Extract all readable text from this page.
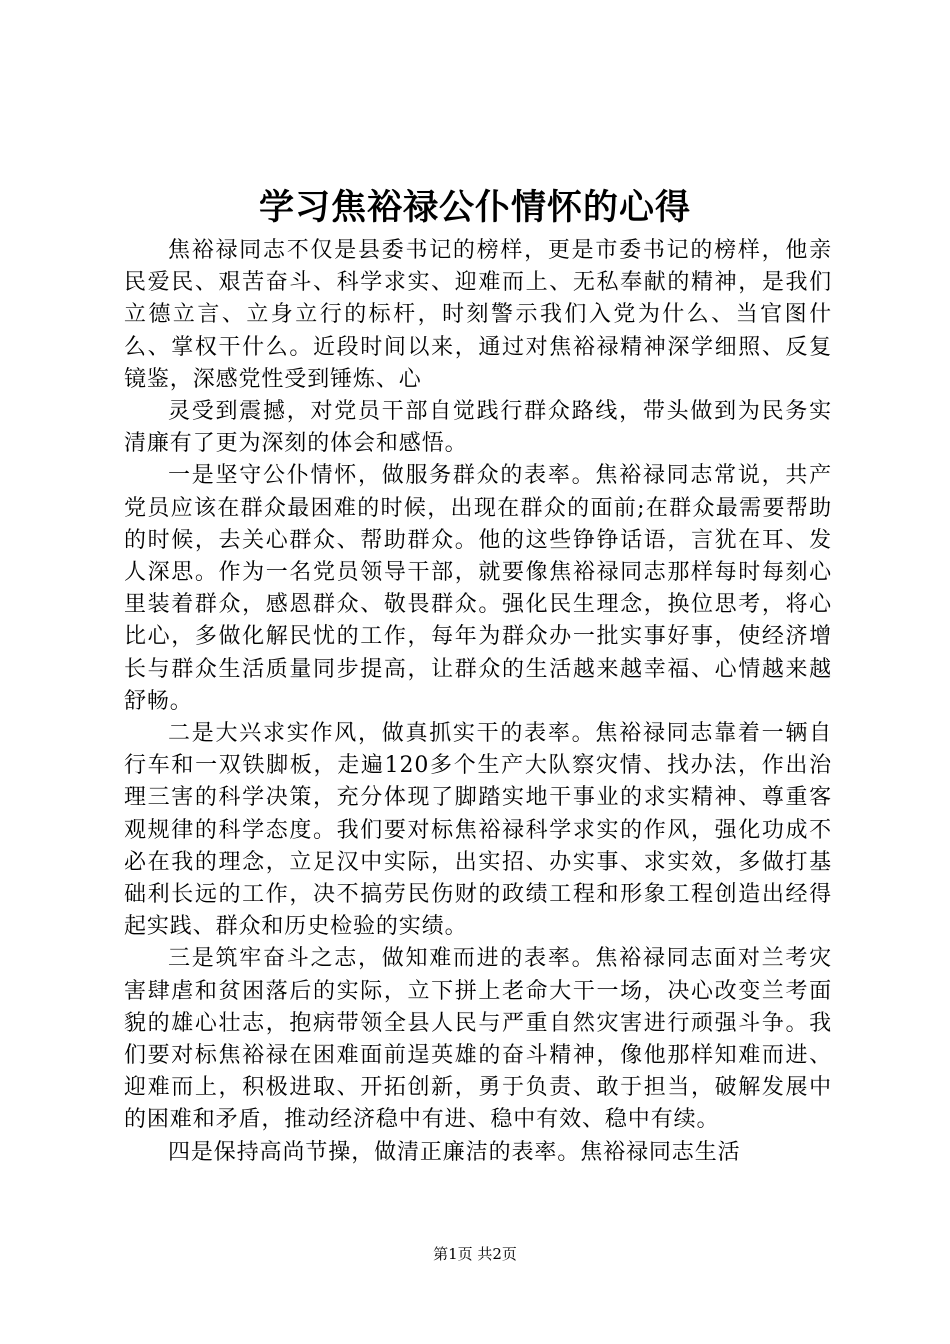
学习焦裕禄公仆情怀的心得

焦裕禄同志不仅是县委书记的榜样，更是市委书记的榜样，他亲民爱民、艰苦奋斗、科学求实、迎难而上、无私奉献的精神，是我们立德立言、立身立行的标杆，时刻警示我们入党为什么、当官图什么、掌权干什么。近段时间以来，通过对焦裕禄精神深学细照、反复镜鉴，深感党性受到锤炼、心

灵受到震撼，对党员干部自觉践行群众路线，带头做到为民务实清廉有了更为深刻的体会和感悟。

一是坚守公仆情怀，做服务群众的表率。焦裕禄同志常说，共产党员应该在群众最困难的时候，出现在群众的面前;在群众最需要帮助的时候，去关心群众、帮助群众。他的这些铮铮话语，言犹在耳、发人深思。作为一名党员领导干部，就要像焦裕禄同志那样每时每刻心里装着群众，感恩群众、敬畏群众。强化民生理念，换位思考，将心比心，多做化解民忧的工作，每年为群众办一批实事好事，使经济增长与群众生活质量同步提高，让群众的生活越来越幸福、心情越来越舒畅。

二是大兴求实作风，做真抓实干的表率。焦裕禄同志靠着一辆自行车和一双铁脚板，走遍120多个生产大队察灾情、找办法，作出治理三害的科学决策，充分体现了脚踏实地干事业的求实精神、尊重客观规律的科学态度。我们要对标焦裕禄科学求实的作风，强化功成不必在我的理念，立足汉中实际，出实招、办实事、求实效，多做打基础利长远的工作，决不搞劳民伤财的政绩工程和形象工程创造出经得起实践、群众和历史检验的实绩。

三是筑牢奋斗之志，做知难而进的表率。焦裕禄同志面对兰考灾害肆虐和贫困落后的实际，立下拼上老命大干一场，决心改变兰考面貌的雄心壮志，抱病带领全县人民与严重自然灾害进行顽强斗争。我们要对标焦裕禄在困难面前逞英雄的奋斗精神，像他那样知难而进、迎难而上，积极进取、开拓创新，勇于负责、敢于担当，破解发展中的困难和矛盾，推动经济稳中有进、稳中有效、稳中有续。

四是保持高尚节操，做清正廉洁的表率。焦裕禄同志生活

第1页 共2页
